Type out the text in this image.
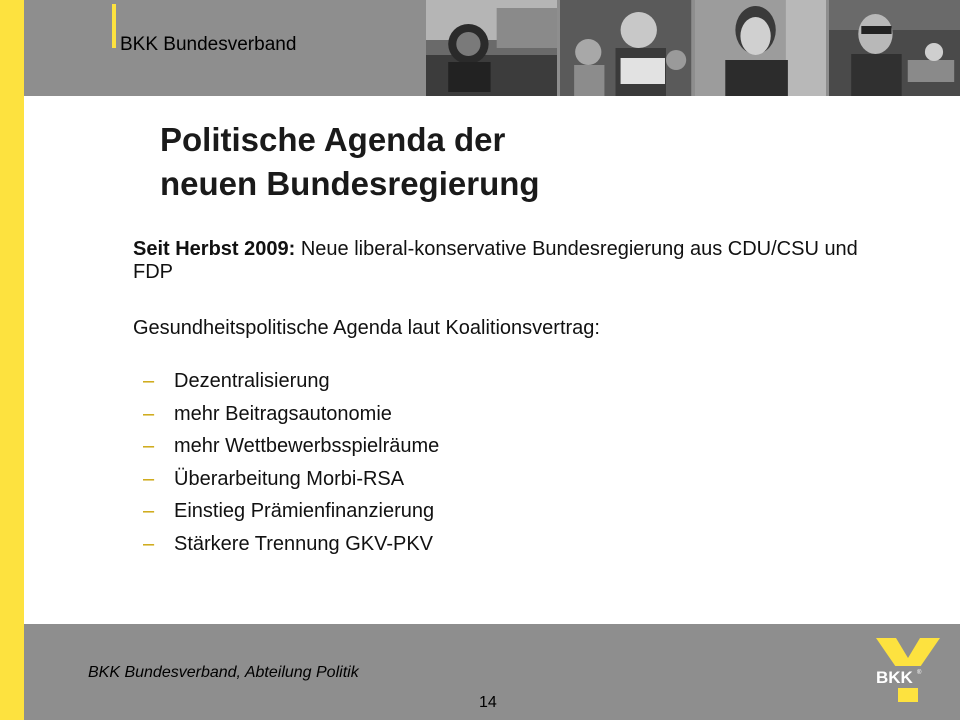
BKK Bundesverband
Politische Agenda der
neuen Bundesregierung
Seit Herbst 2009: Neue liberal-konservative Bundesregierung aus CDU/CSU und FDP
Gesundheitspolitische Agenda laut Koalitionsvertrag:
– Dezentralisierung
– mehr Beitragsautonomie
– mehr Wettbewerbsspielräume
– Überarbeitung Morbi-RSA
– Einstieg Prämienfinanzierung
– Stärkere Trennung GKV-PKV
BKK Bundesverband, Abteilung Politik
14
BKK ®
